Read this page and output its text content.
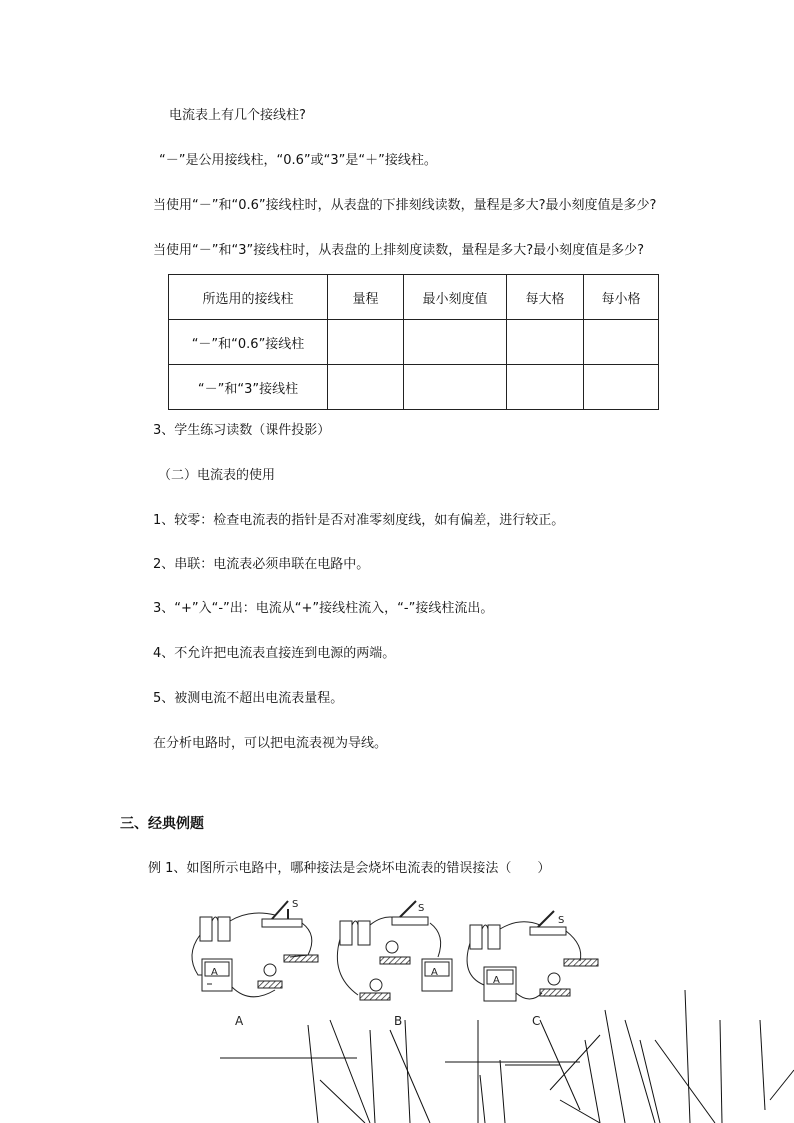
电流表上有几个接线柱?
“－”是公用接线柱，“0.6”或“3”是“＋”接线柱。
当使用“－”和“0.6”接线柱时，从表盘的下排刻线读数，量程是多大?最小刻度值是多少?
当使用“－”和“3”接线柱时，从表盘的上排刻度读数，量程是多大?最小刻度值是多少?
所选用的接线柱	量程	最小刻度值	每大格	每小格
“－”和“0.6”接线柱				
“－”和“3”接线柱				
3、学生练习读数（课件投影）
（二）电流表的使用
1、较零：检查电流表的指针是否对准零刻度线，如有偏差，进行较正。
2、串联：电流表必须串联在电路中。
3、“+”入“-”出：电流从“+”接线柱流入，“-”接线柱流出。
4、不允许把电流表直接连到电源的两端。
5、被测电流不超出电流表量程。
在分析电路时，可以把电流表视为导线。
三、经典例题
例 1、如图所示电路中，哪种接法是会烧坏电流表的错误接法（　　）
S
A
A
S
A
B
S
A
C
